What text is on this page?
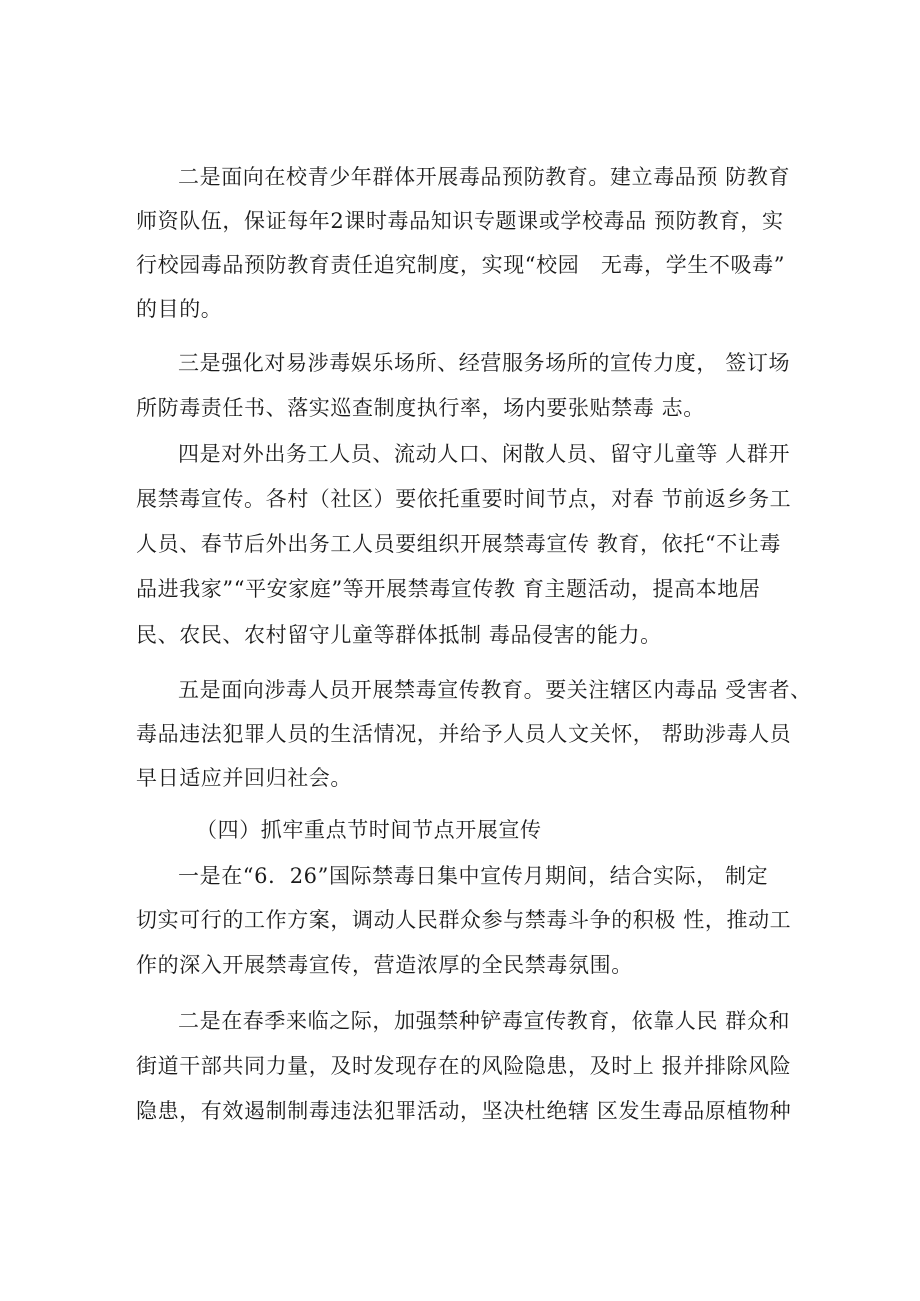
二是面向在校青少年群体开展毒品预防教育。建立毒品预 防教育
师资队伍，保证每年2课时毒品知识专题课或学校毒品 预防教育，实
行校园毒品预防教育责任追究制度，实现“校园　无毒，学生不吸毒”
的目的。
三是强化对易涉毒娱乐场所、经营服务场所的宣传力度， 签订场
所防毒责任书、落实巡查制度执行率，场内要张贴禁毒 志。
四是对外出务工人员、流动人口、闲散人员、留守儿童等 人群开
展禁毒宣传。各村（社区）要依托重要时间节点，对春 节前返乡务工
人员、春节后外出务工人员要组织开展禁毒宣传 教育，依托“不让毒
品进我家”“平安家庭”等开展禁毒宣传教 育主题活动，提高本地居
民、农民、农村留守儿童等群体抵制 毒品侵害的能力。
五是面向涉毒人员开展禁毒宣传教育。要关注辖区内毒品 受害者、
毒品违法犯罪人员的生活情况，并给予人员人文关怀， 帮助涉毒人员
早日适应并回归社会。
（四）抓牢重点节时间节点开展宣传
一是在“6．26”国际禁毒日集中宣传月期间，结合实际， 制定
切实可行的工作方案，调动人民群众参与禁毒斗争的积极 性，推动工
作的深入开展禁毒宣传，营造浓厚的全民禁毒氛围。
二是在春季来临之际，加强禁种铲毒宣传教育，依靠人民 群众和
街道干部共同力量，及时发现存在的风险隐患，及时上 报并排除风险
隐患，有效遏制制毒违法犯罪活动，坚决杜绝辖 区发生毒品原植物种
